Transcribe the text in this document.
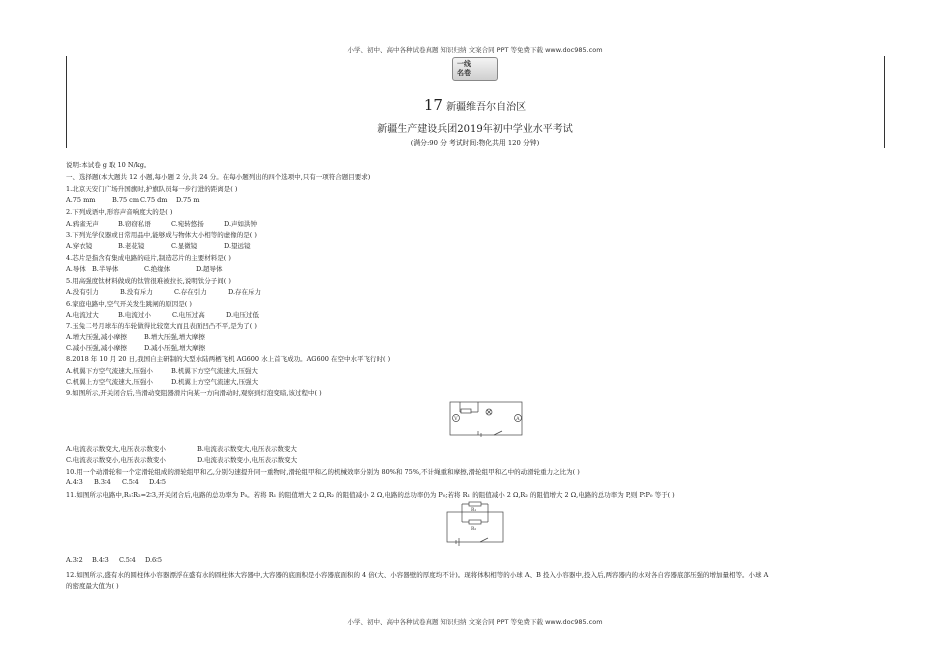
小学、初中、高中各种试卷真题 知识归纳 文案合同 PPT 等免费下载 www.doc985.com
一线
名卷
17 新疆维吾尔自治区
新疆生产建设兵团2019年初中学业水平考试
(满分:90 分 考试时间:物化共用 120 分钟)
说明:本试卷 g 取 10 N/kg。
一、选择题(本大题共 12 小题,每小题 2 分,共 24 分。在每小题列出的四个选项中,只有一项符合题目要求)
1.北京天安门广场升国旗时,护旗队员每一步行进的距离是( )
A.75 mm	B.75 cmC.75 dm D.75 m
2.下列成语中,形容声音响度大的是( )
A.鸦雀无声	B.窃窃私语	C.宛转悠扬	D.声如洪钟
3.下列光学仪器或日常用品中,能够成与物体大小相等的虚像的是( )
A.穿衣镜	B.老花镜	C.显微镜	D.望远镜
4.芯片是指含有集成电路的硅片,制造芯片的主要材料是( )
A.导体 B.半导体	C.绝缘体	D.超导体
5.用高强度钛材料做成的钛管很难被拉长,说明钛分子间( )
A.没有引力	B.没有斥力	C.存在引力	D.存在斥力
6.家庭电路中,空气开关发生跳闸的原因是( )
A.电流过大	B.电流过小	C.电压过高	D.电压过低
7.玉兔二号月球车的车轮做得比较宽大而且表面凹凸不平,是为了( )
A.增大压强,减小摩擦	B.增大压强,增大摩擦
C.减小压强,减小摩擦	D.减小压强,增大摩擦
8.2018 年 10 月 20 日,我国自主研制的大型水陆两栖飞机 AG600 水上首飞成功。AG600 在空中水平飞行时( )
A.机翼下方空气流速大,压强小	B.机翼下方空气流速大,压强大
C.机翼上方空气流速大,压强小	D.机翼上方空气流速大,压强大
9.如图所示,开关闭合后,当滑动变阻器滑片向某一方向滑动时,观察到灯泡变暗,该过程中( )
V	A
A.电流表示数变大,电压表示数变小	B.电流表示数变大,电压表示数变大
C.电流表示数变小,电压表示数变小	D.电流表示数变小,电压表示数变大
10.用一个动滑轮和一个定滑轮组成的滑轮组甲和乙,分别匀速提升同一重物时,滑轮组甲和乙的机械效率分别为 80%和 75%,不计绳重和摩擦,滑轮组甲和乙中的动滑轮重力之比为( )
A.4∶3 B.3∶4 C.5∶4 D.4∶5
11.如图所示电路中,R₁∶R₂=2∶3,开关闭合后,电路的总功率为 P₀。若将 R₁ 的阻值增大 2 Ω,R₂ 的阻值减小 2 Ω,电路的总功率仍为 P₀;若将 R₁ 的阻值减小 2 Ω,R₂ 的阻值增大 2 Ω,电路的总功率为 P,则 P∶P₀ 等于( )
R₁
R₂
A.3∶2 B.4∶3 C.5∶4 D.6∶5
12.如图所示,盛有水的圆柱体小容器漂浮在盛有水的圆柱体大容器中,大容器的底面积是小容器底面积的 4 倍(大、小容器壁的厚度均不计)。现将体积相等的小球 A、B 投入小容器中,投入后,两容器内的水对各自容器底部压强的增加量相等。小球 A
的密度最大值为( )
小学、初中、高中各种试卷真题 知识归纳 文案合同 PPT 等免费下载 www.doc985.com
